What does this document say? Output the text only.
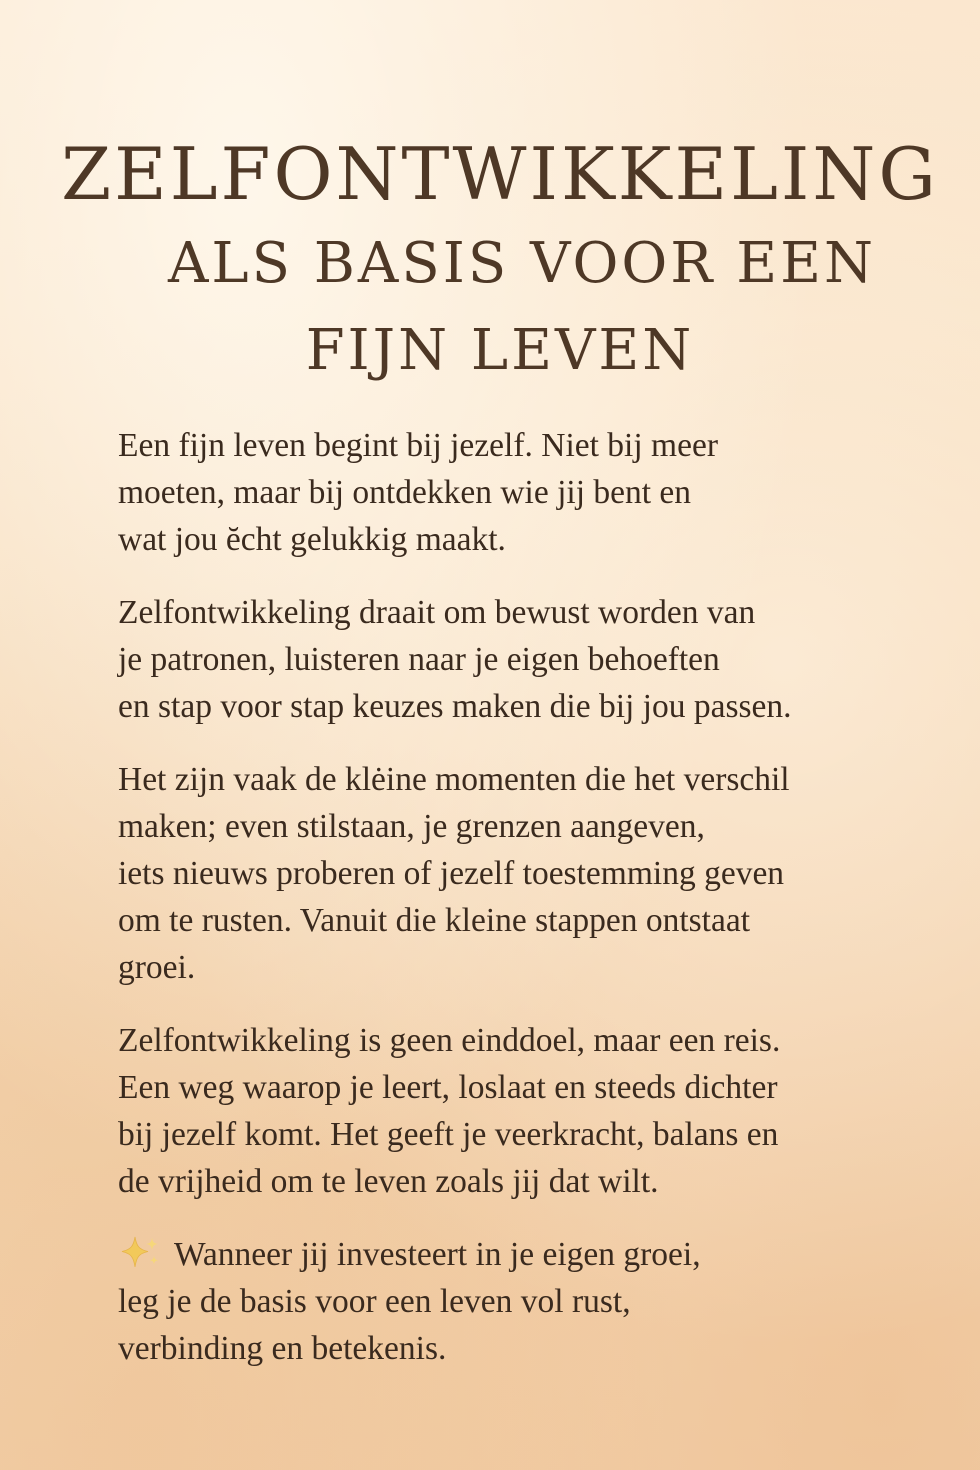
ZELFONTWIKKELING
ALS BASIS VOOR EEN
FIJN LEVEN

Een fijn leven begint bij jezelf. Niet bij meer
moeten, maar bij ontdekken wie jij bent en
wat jou ĕcht gelukkig maakt.

Zelfontwikkeling draait om bewust worden van
je patronen, luisteren naar je eigen behoeften
en stap voor stap keuzes maken die bij jou passen.

Het zijn vaak de klėine momenten die het verschil
maken; even stilstaan, je grenzen aangeven,
iets nieuws proberen of jezelf toestemming geven
om te rusten. Vanuit die kleine stappen ontstaat
groei.

Zelfontwikkeling is geen einddoel, maar een reis.
Een weg waarop je leert, loslaat en steeds dichter
bij jezelf komt. Het geeft je veerkracht, balans en
de vrijheid om te leven zoals jij dat wilt.

Wanneer jij investeert in je eigen groei,
leg je de basis voor een leven vol rust,
verbinding en betekenis.
